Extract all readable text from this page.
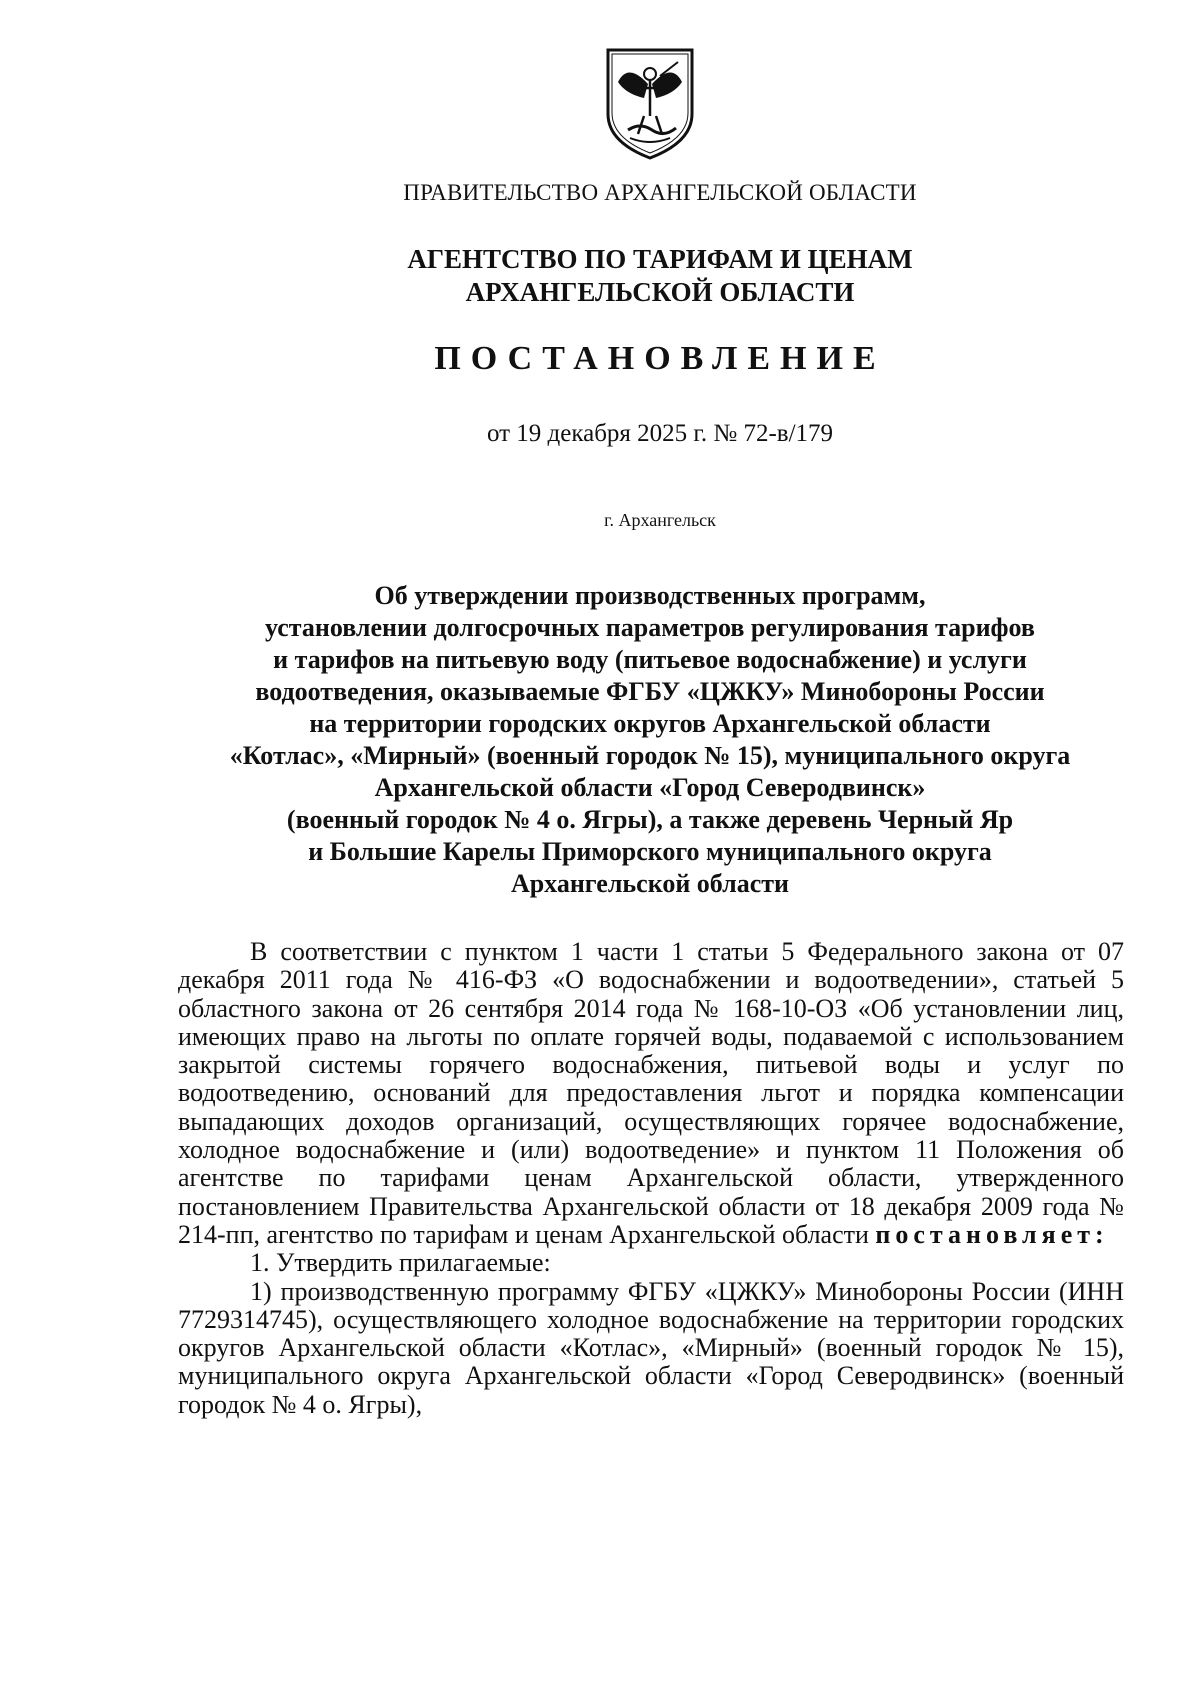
ПРАВИТЕЛЬСТВО АРХАНГЕЛЬСКОЙ ОБЛАСТИ
АГЕНТСТВО ПО ТАРИФАМ И ЦЕНАМ
АРХАНГЕЛЬСКОЙ ОБЛАСТИ
ПОСТАНОВЛЕНИЕ
от 19 декабря 2025 г. № 72-в/179
г. Архангельск
Об утверждении производственных программ,
установлении долгосрочных параметров регулирования тарифов
и тарифов на питьевую воду (питьевое водоснабжение) и услуги
водоотведения, оказываемые ФГБУ «ЦЖКУ» Минобороны России
на территории городских округов Архангельской области
«Котлас», «Мирный» (военный городок № 15), муниципального округа
Архангельской области «Город Северодвинск»
(военный городок № 4 о. Ягры), а также деревень Черный Яр
и Большие Карелы Приморского муниципального округа
Архангельской области

В соответствии с пунктом 1 части 1 статьи 5 Федерального закона от 07 декабря 2011 года № 416-ФЗ «О водоснабжении и водоотведении», статьей 5 областного закона от 26 сентября 2014 года № 168-10-ОЗ «Об установлении лиц, имеющих право на льготы по оплате горячей воды, подаваемой с использованием закрытой системы горячего водоснабжения, питьевой воды и услуг по водоотведению, оснований для предоставления льгот и порядка компенсации выпадающих доходов организаций, осуществляющих горячее водоснабжение, холодное водоснабжение и (или) водоотведение» и пунктом 11 Положения об агентстве по тарифами ценам Архангельской области, утвержденного постановлением Правительства Архангельской области от 18 декабря 2009 года № 214-пп, агентство по тарифам и ценам Архангельской области постановляет:

1. Утвердить прилагаемые:

1) производственную программу ФГБУ «ЦЖКУ» Минобороны России (ИНН 7729314745), осуществляющего холодное водоснабжение на территории городских округов Архангельской области «Котлас», «Мирный» (военный городок № 15), муниципального округа Архангельской области «Город Северодвинск» (военный городок № 4 о. Ягры),
